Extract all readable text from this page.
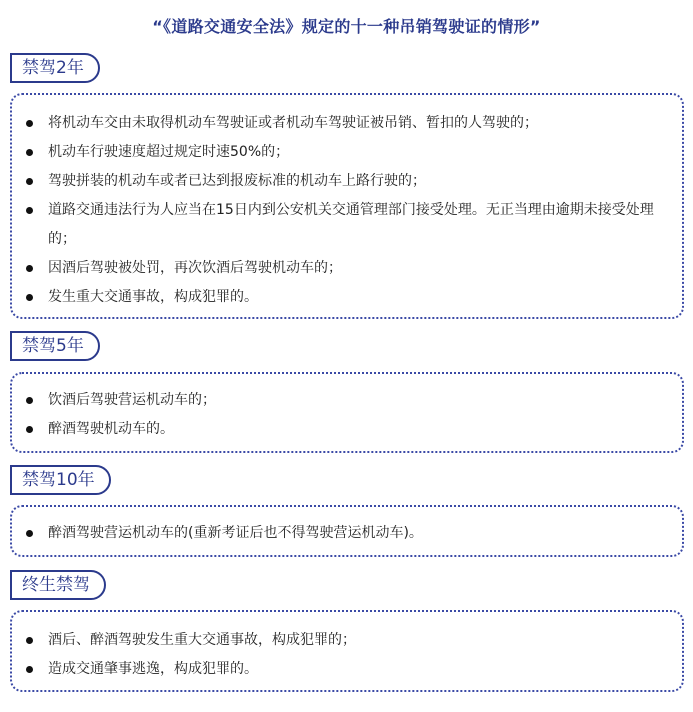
“《道路交通安全法》规定的十一种吊销驾驶证的情形”
禁驾2年
将机动车交由未取得机动车驾驶证或者机动车驾驶证被吊销、暂扣的人驾驶的；
机动车行驶速度超过规定时速50%的；
驾驶拼装的机动车或者已达到报废标准的机动车上路行驶的；
道路交通违法行为人应当在15日内到公安机关交通管理部门接受处理。无正当理由逾期未接受处理的；
因酒后驾驶被处罚，再次饮酒后驾驶机动车的；
发生重大交通事故，构成犯罪的。
禁驾5年
饮酒后驾驶营运机动车的；
醉酒驾驶机动车的。
禁驾10年
醉酒驾驶营运机动车的(重新考证后也不得驾驶营运机动车)。
终生禁驾
酒后、醉酒驾驶发生重大交通事故，构成犯罪的；
造成交通肇事逃逸，构成犯罪的。
